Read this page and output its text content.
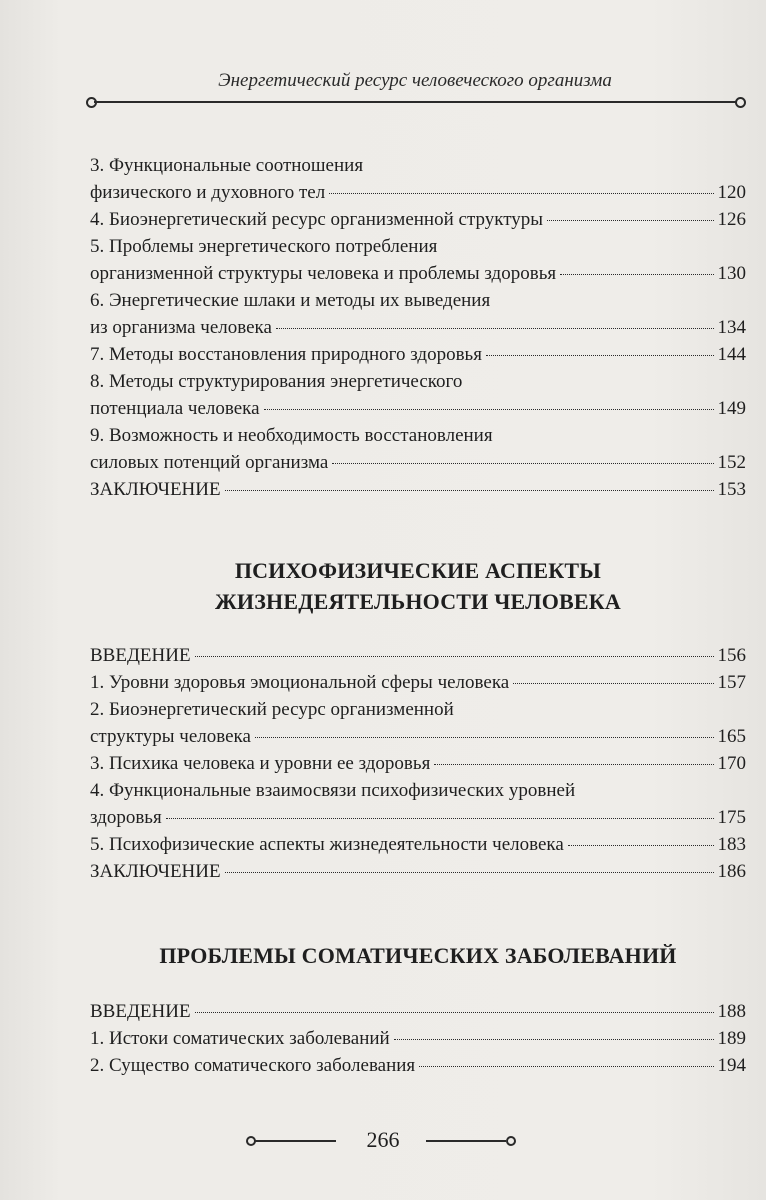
Энергетический ресурс человеческого организма
3. Функциональные соотношения
физического и духовного тел	120
4. Биоэнергетический ресурс организменной структуры	126
5. Проблемы энергетического потребления
организменной структуры человека и проблемы здоровья	130
6. Энергетические шлаки и методы их выведения
из организма человека	134
7. Методы восстановления природного здоровья	144
8. Методы структурирования энергетического
потенциала человека	149
9. Возможность и необходимость восстановления
силовых потенций организма	152
ЗАКЛЮЧЕНИЕ	153
ПСИХОФИЗИЧЕСКИЕ АСПЕКТЫ
ЖИЗНЕДЕЯТЕЛЬНОСТИ ЧЕЛОВЕКА
ВВЕДЕНИЕ	156
1. Уровни здоровья эмоциональной сферы человека	157
2. Биоэнергетический ресурс организменной
структуры человека	165
3. Психика человека и уровни ее здоровья	170
4. Функциональные взаимосвязи психофизических уровней
здоровья	175
5. Психофизические аспекты жизнедеятельности человека	183
ЗАКЛЮЧЕНИЕ	186
ПРОБЛЕМЫ СОМАТИЧЕСКИХ ЗАБОЛЕВАНИЙ
ВВЕДЕНИЕ	188
1. Истоки соматических заболеваний	189
2. Существо соматического заболевания	194
266
